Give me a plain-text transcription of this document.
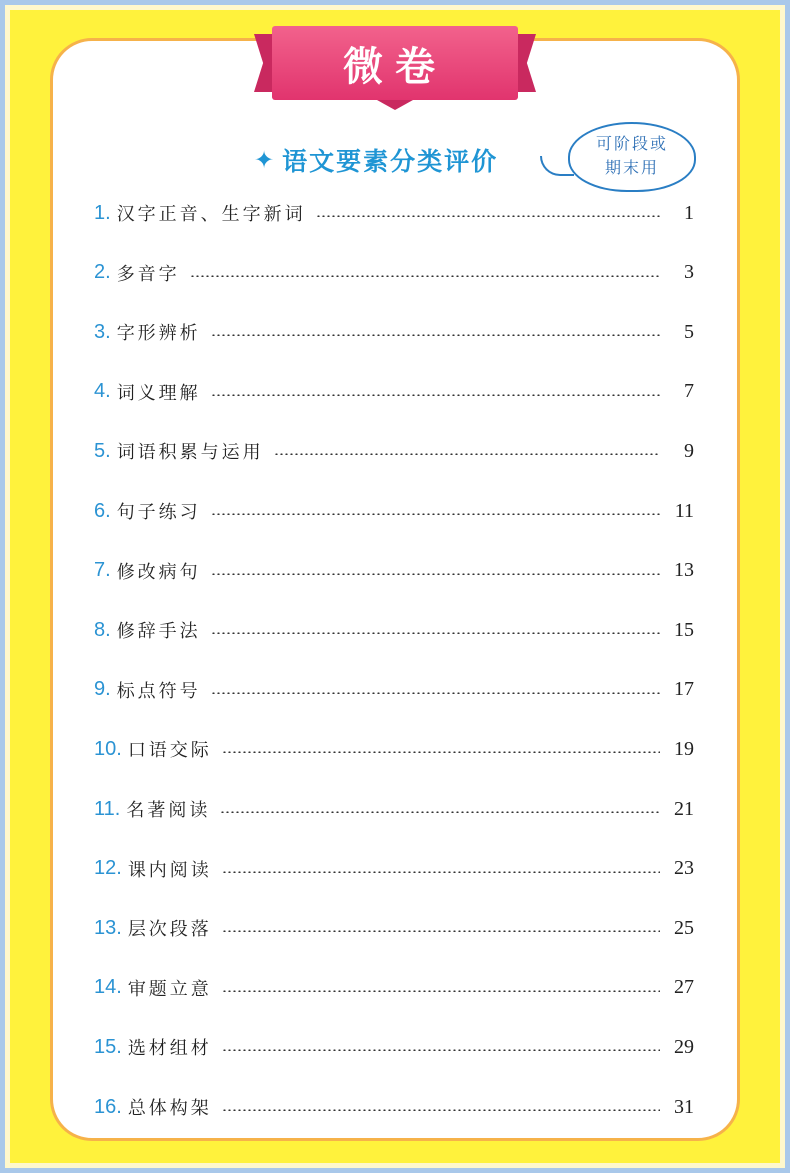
微卷
✦ 语文要素分类评价
可阶段或
期末用
1. 汉字正音、生字新词	1
2. 多音字	3
3. 字形辨析	5
4. 词义理解	7
5. 词语积累与运用	9
6. 句子练习	11
7. 修改病句	13
8. 修辞手法	15
9. 标点符号	17
10. 口语交际	19
11. 名著阅读	21
12. 课内阅读	23
13. 层次段落	25
14. 审题立意	27
15. 选材组材	29
16. 总体构架	31
